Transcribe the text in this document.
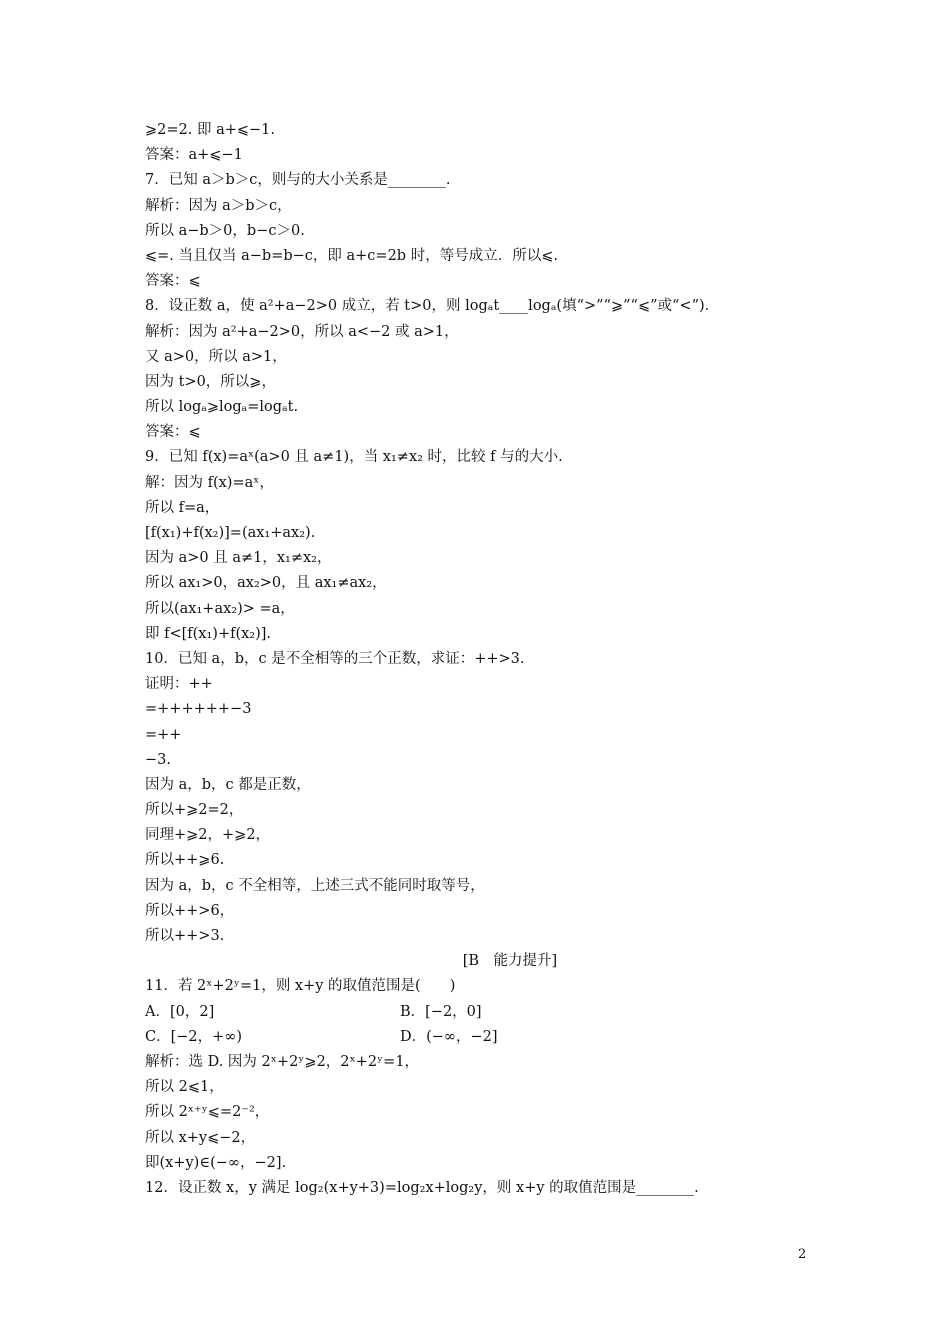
⩾2=2. 即 a+⩽−1.
答案：a+⩽−1
7．已知 a＞b＞c，则与的大小关系是________.
解析：因为 a＞b＞c，
所以 a−b＞0，b−c＞0.
⩽=. 当且仅当 a−b=b−c，即 a+c=2b 时，等号成立．所以⩽.
答案：⩽
8．设正数 a，使 a²+a−2>0 成立，若 t>0，则 logₐt____logₐ(填“>”“⩾”“⩽”或“<”)．
解析：因为 a²+a−2>0，所以 a<−2 或 a>1，
又 a>0，所以 a>1，
因为 t>0，所以⩾，
所以 logₐ⩾logₐ=logₐt.
答案：⩽
9．已知 f(x)=aˣ(a>0 且 a≠1)，当 x₁≠x₂ 时，比较 f 与的大小.
解：因为 f(x)=aˣ，
所以 f=a，
[f(x₁)+f(x₂)]=(ax₁+ax₂).
因为 a>0 且 a≠1，x₁≠x₂，
所以 ax₁>0，ax₂>0，且 ax₁≠ax₂，
所以(ax₁+ax₂)> =a，
即 f<[f(x₁)+f(x₂)].
10．已知 a，b，c 是不全相等的三个正数，求证：++>3.
证明：++
=++++++−3
=++
−3.
因为 a，b，c 都是正数，
所以+⩾2=2，
同理+⩾2，+⩾2，
所以++⩾6.
因为 a，b，c 不全相等，上述三式不能同时取等号，
所以++>6，
所以++>3.
[B　能力提升]
11．若 2ˣ+2ʸ=1，则 x+y 的取值范围是(　　)
A．[0，2]	B．[−2，0]
C．[−2，+∞)	D．(−∞，−2]
解析：选 D. 因为 2ˣ+2ʸ⩾2，2ˣ+2ʸ=1，
所以 2⩽1，
所以 2ˣ⁺ʸ⩽=2⁻²，
所以 x+y⩽−2，
即(x+y)∈(−∞，−2].
12．设正数 x，y 满足 log₂(x+y+3)=log₂x+log₂y，则 x+y 的取值范围是________.
2
